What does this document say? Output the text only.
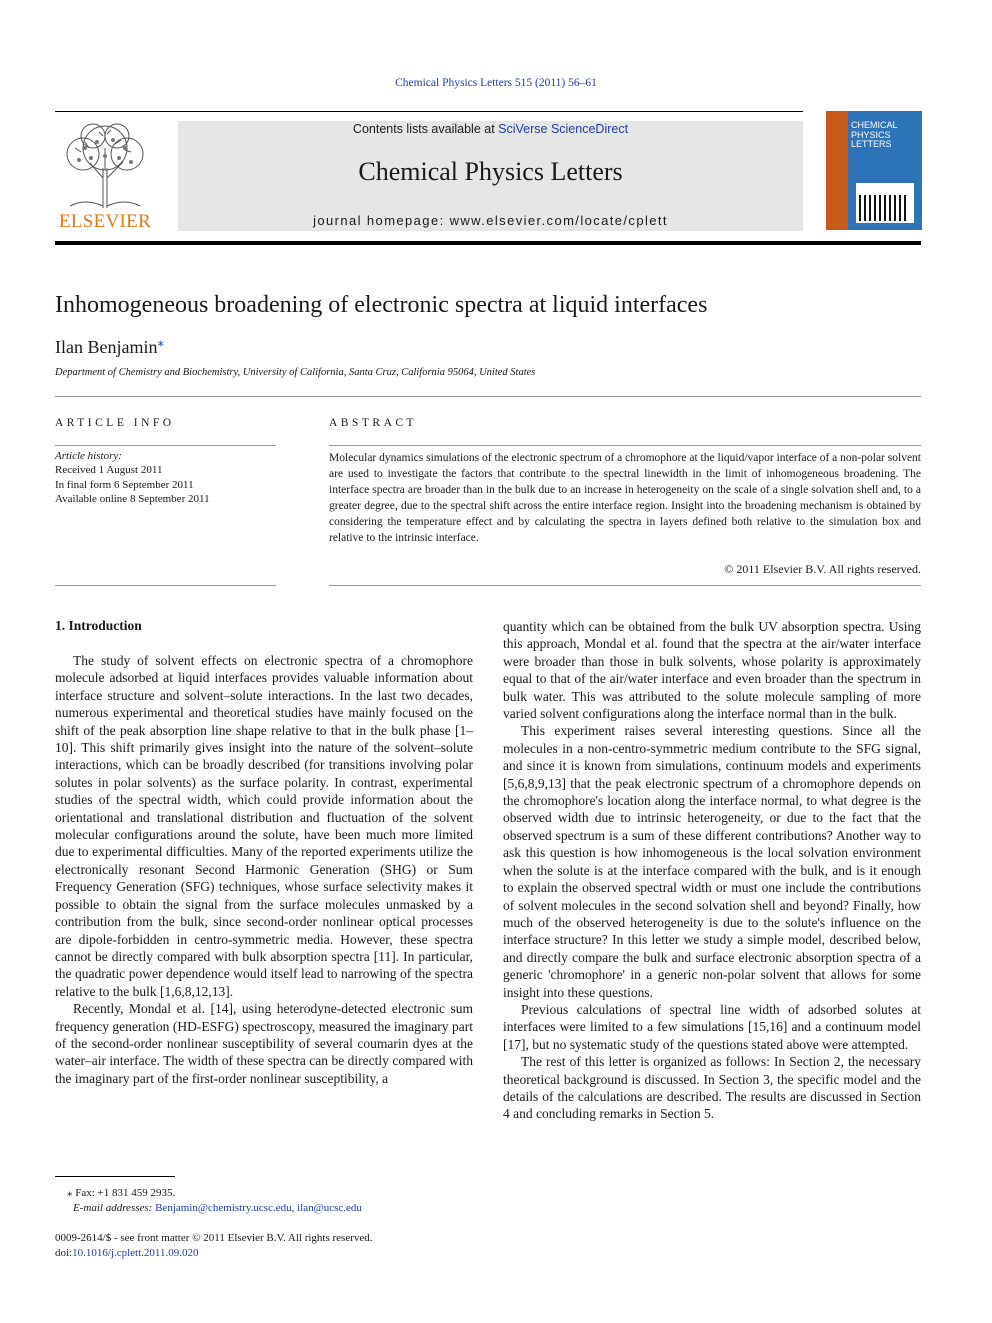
Chemical Physics Letters 515 (2011) 56–61
ELSEVIER
Contents lists available at SciVerse ScienceDirect
Chemical Physics Letters
journal homepage: www.elsevier.com/locate/cplett
CHEMICAL
PHYSICS
LETTERS
Inhomogeneous broadening of electronic spectra at liquid interfaces
Ilan Benjamin⁎
Department of Chemistry and Biochemistry, University of California, Santa Cruz, California 95064, United States
ARTICLE INFO	ABSTRACT
Article history:
Received 1 August 2011
In final form 6 September 2011
Available online 8 September 2011
Molecular dynamics simulations of the electronic spectrum of a chromophore at the liquid/vapor interface of a non-polar solvent are used to investigate the factors that contribute to the spectral linewidth in the limit of inhomogeneous broadening. The interface spectra are broader than in the bulk due to an increase in heterogeneity on the scale of a single solvation shell and, to a greater degree, due to the spectral shift across the entire interface region. Insight into the broadening mechanism is obtained by considering the temperature effect and by calculating the spectra in layers defined both relative to the simulation box and relative to the intrinsic interface.
© 2011 Elsevier B.V. All rights reserved.
1. Introduction

The study of solvent effects on electronic spectra of a chromophore molecule adsorbed at liquid interfaces provides valuable information about interface structure and solvent–solute interactions. In the last two decades, numerous experimental and theoretical studies have mainly focused on the shift of the peak absorption line shape relative to that in the bulk phase [1–10]. This shift primarily gives insight into the nature of the solvent–solute interactions, which can be broadly described (for transitions involving polar solutes in polar solvents) as the surface polarity. In contrast, experimental studies of the spectral width, which could provide information about the orientational and translational distribution and fluctuation of the solvent molecular configurations around the solute, have been much more limited due to experimental difficulties. Many of the reported experiments utilize the electronically resonant Second Harmonic Generation (SHG) or Sum Frequency Generation (SFG) techniques, whose surface selectivity makes it possible to obtain the signal from the surface molecules unmasked by a contribution from the bulk, since second-order nonlinear optical processes are dipole-forbidden in centro-symmetric media. However, these spectra cannot be directly compared with bulk absorption spectra [11]. In particular, the quadratic power dependence would itself lead to narrowing of the spectra relative to the bulk [1,6,8,12,13].

Recently, Mondal et al. [14], using heterodyne-detected electronic sum frequency generation (HD-ESFG) spectroscopy, measured the imaginary part of the second-order nonlinear susceptibility of several coumarin dyes at the water–air interface. The width of these spectra can be directly compared with the imaginary part of the first-order nonlinear susceptibility, a

quantity which can be obtained from the bulk UV absorption spectra. Using this approach, Mondal et al. found that the spectra at the air/water interface were broader than those in bulk solvents, whose polarity is approximately equal to that of the air/water interface and even broader than the spectrum in bulk water. This was attributed to the solute molecule sampling of more varied solvent configurations along the interface normal than in the bulk.

This experiment raises several interesting questions. Since all the molecules in a non-centro-symmetric medium contribute to the SFG signal, and since it is known from simulations, continuum models and experiments [5,6,8,9,13] that the peak electronic spectrum of a chromophore depends on the chromophore's location along the interface normal, to what degree is the observed width due to intrinsic heterogeneity, or due to the fact that the observed spectrum is a sum of these different contributions? Another way to ask this question is how inhomogeneous is the local solvation environment when the solute is at the interface compared with the bulk, and is it enough to explain the observed spectral width or must one include the contributions of solvent molecules in the second solvation shell and beyond? Finally, how much of the observed heterogeneity is due to the solute's influence on the interface structure? In this letter we study a simple model, described below, and directly compare the bulk and surface electronic absorption spectra of a generic 'chromophore' in a generic non-polar solvent that allows for some insight into these questions.

Previous calculations of spectral line width of adsorbed solutes at interfaces were limited to a few simulations [15,16] and a continuum model [17], but no systematic study of the questions stated above were attempted.

The rest of this letter is organized as follows: In Section 2, the necessary theoretical background is discussed. In Section 3, the specific model and the details of the calculations are described. The results are discussed in Section 4 and concluding remarks in Section 5.

⁎ Fax: +1 831 459 2935.
E-mail addresses: Benjamin@chemistry.ucsc.edu, ilan@ucsc.edu
0009-2614/$ - see front matter © 2011 Elsevier B.V. All rights reserved.
doi:10.1016/j.cplett.2011.09.020
